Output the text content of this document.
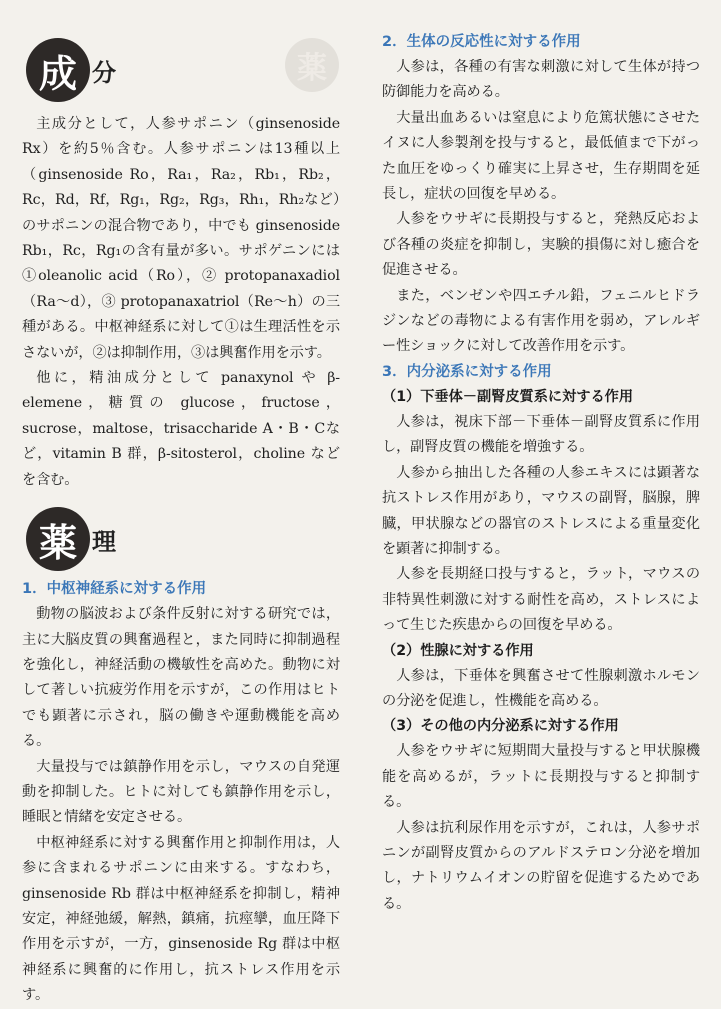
薬
成 分

主成分として，人参サポニン（ginsenoside Rx）を約5％含む。人参サポニンは13種以上（ginsenoside Ro，Ra₁，Ra₂，Rb₁，Rb₂，Rc，Rd，Rf，Rg₁，Rg₂，Rg₃，Rh₁，Rh₂など）のサポニンの混合物であり，中でも ginsenoside Rb₁，Rc，Rg₁の含有量が多い。サポゲニンには①oleanolic acid（Ro），② protopanaxadiol（Ra〜d），③ protopanaxatriol（Re〜h）の三種がある。中枢神経系に対して①は生理活性を示さないが，②は抑制作用，③は興奮作用を示す。

他に，精油成分として panaxynol や β-elemene，糖質の glucose，fructose，sucrose，maltose，trisaccharide A・B・Cなど，vitamin B 群，β-sitosterol，choline などを含む。

薬 理
1．中枢神経系に対する作用

動物の脳波および条件反射に対する研究では，主に大脳皮質の興奮過程と，また同時に抑制過程を強化し，神経活動の機敏性を高めた。動物に対して著しい抗疲労作用を示すが，この作用はヒトでも顕著に示され，脳の働きや運動機能を高める。

大量投与では鎮静作用を示し，マウスの自発運動を抑制した。ヒトに対しても鎮静作用を示し，睡眠と情緒を安定させる。

中枢神経系に対する興奮作用と抑制作用は，人参に含まれるサポニンに由来する。すなわち，ginsenoside Rb 群は中枢神経系を抑制し，精神安定，神経弛緩，解熱，鎮痛，抗痙攣，血圧降下作用を示すが，一方，ginsenoside Rg 群は中枢神経系に興奮的に作用し，抗ストレス作用を示す。

2．生体の反応性に対する作用

人参は，各種の有害な刺激に対して生体が持つ防御能力を高める。

大量出血あるいは窒息により危篤状態にさせたイヌに人参製剤を投与すると，最低値まで下がった血圧をゆっくり確実に上昇させ，生存期間を延長し，症状の回復を早める。

人参をウサギに長期投与すると，発熱反応および各種の炎症を抑制し，実験的損傷に対し癒合を促進させる。

また，ベンゼンや四エチル鉛，フェニルヒドラジンなどの毒物による有害作用を弱め，アレルギー性ショックに対して改善作用を示す。

3．内分泌系に対する作用
（1）下垂体－副腎皮質系に対する作用

人参は，視床下部－下垂体－副腎皮質系に作用し，副腎皮質の機能を増強する。

人参から抽出した各種の人参エキスには顕著な抗ストレス作用があり，マウスの副腎，脳腺，脾臓，甲状腺などの器官のストレスによる重量変化を顕著に抑制する。

人参を長期経口投与すると，ラット，マウスの非特異性刺激に対する耐性を高め，ストレスによって生じた疾患からの回復を早める。

（2）性腺に対する作用

人参は，下垂体を興奮させて性腺刺激ホルモンの分泌を促進し，性機能を高める。

（3）その他の内分泌系に対する作用

人参をウサギに短期間大量投与すると甲状腺機能を高めるが，ラットに長期投与すると抑制する。

人参は抗利尿作用を示すが，これは，人参サポニンが副腎皮質からのアルドステロン分泌を増加し，ナトリウムイオンの貯留を促進するためである。
